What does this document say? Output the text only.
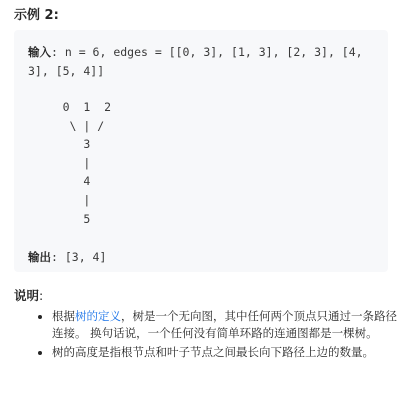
示例 2:
输入: n = 6, edges = [[0, 3], [1, 3], [2, 3], [4,
3], [5, 4]]
0  1  2
\ | /
3
|
4
|
5
输出: [3, 4]
说明:
• 根据树的定义，树是一个无向图，其中任何两个顶点只通过一条路径连接。 换句话说，一个任何没有简单环路的连通图都是一棵树。
• 树的高度是指根节点和叶子节点之间最长向下路径上边的数量。
